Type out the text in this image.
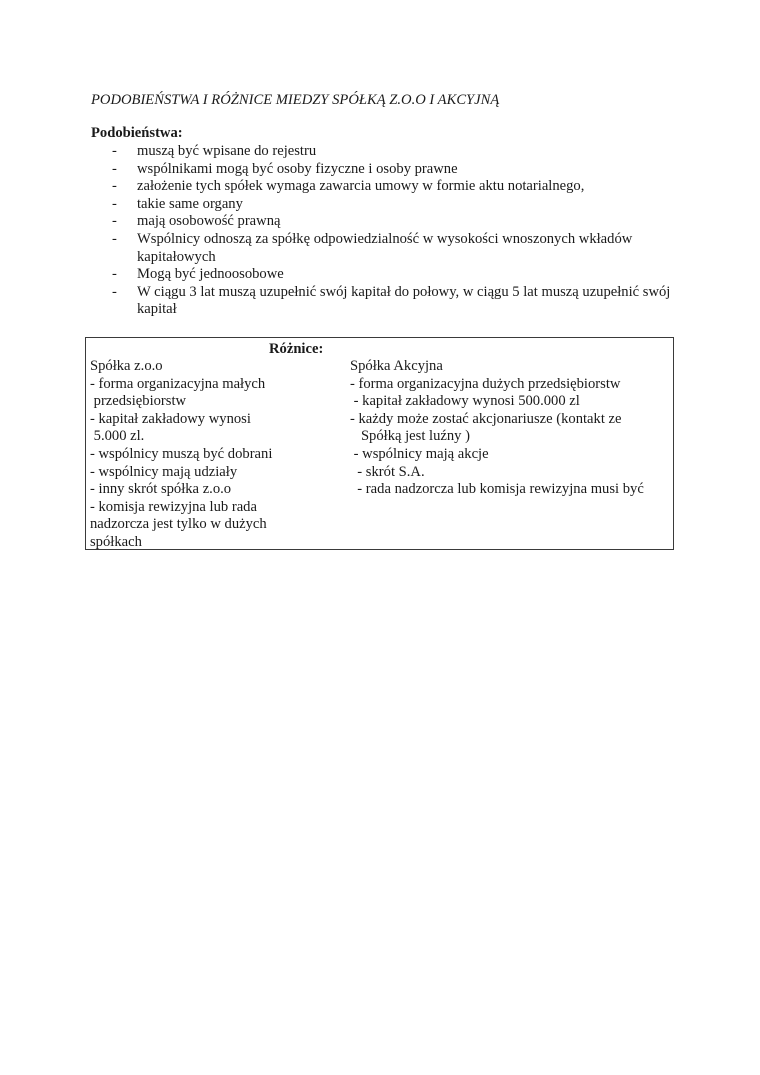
PODOBIEŃSTWA I RÓŻNICE MIEDZY SPÓŁKĄ Z.O.O I AKCYJNĄ
Podobieństwa:
- muszą być wpisane do rejestru
- wspólnikami mogą być osoby fizyczne i osoby prawne
- założenie tych spółek wymaga zawarcia umowy w formie aktu notarialnego,
- takie same organy
- mają osobowość prawną
- Wspólnicy odnoszą za spółkę odpowiedzialność w wysokości wnoszonych wkładów kapitałowych
- Mogą być jednoosobowe
- W ciągu 3 lat muszą uzupełnić swój kapitał do połowy, w ciągu 5 lat muszą uzupełnić swój kapitał
Różnice:
Spółka z.o.o
- forma organizacyjna małych
przedsiębiorstw
- kapitał zakładowy wynosi
5.000 zl.
- wspólnicy muszą być dobrani
- wspólnicy mają udziały
- inny skrót spółka z.o.o
- komisja rewizyjna lub rada
nadzorcza jest tylko w dużych
spółkach
Spółka Akcyjna
- forma organizacyjna dużych przedsiębiorstw
- kapitał zakładowy wynosi 500.000 zl
- każdy może zostać akcjonariusze (kontakt ze
Spółką jest luźny )
- wspólnicy mają akcje
- skrót S.A.
- rada nadzorcza lub komisja rewizyjna musi być
